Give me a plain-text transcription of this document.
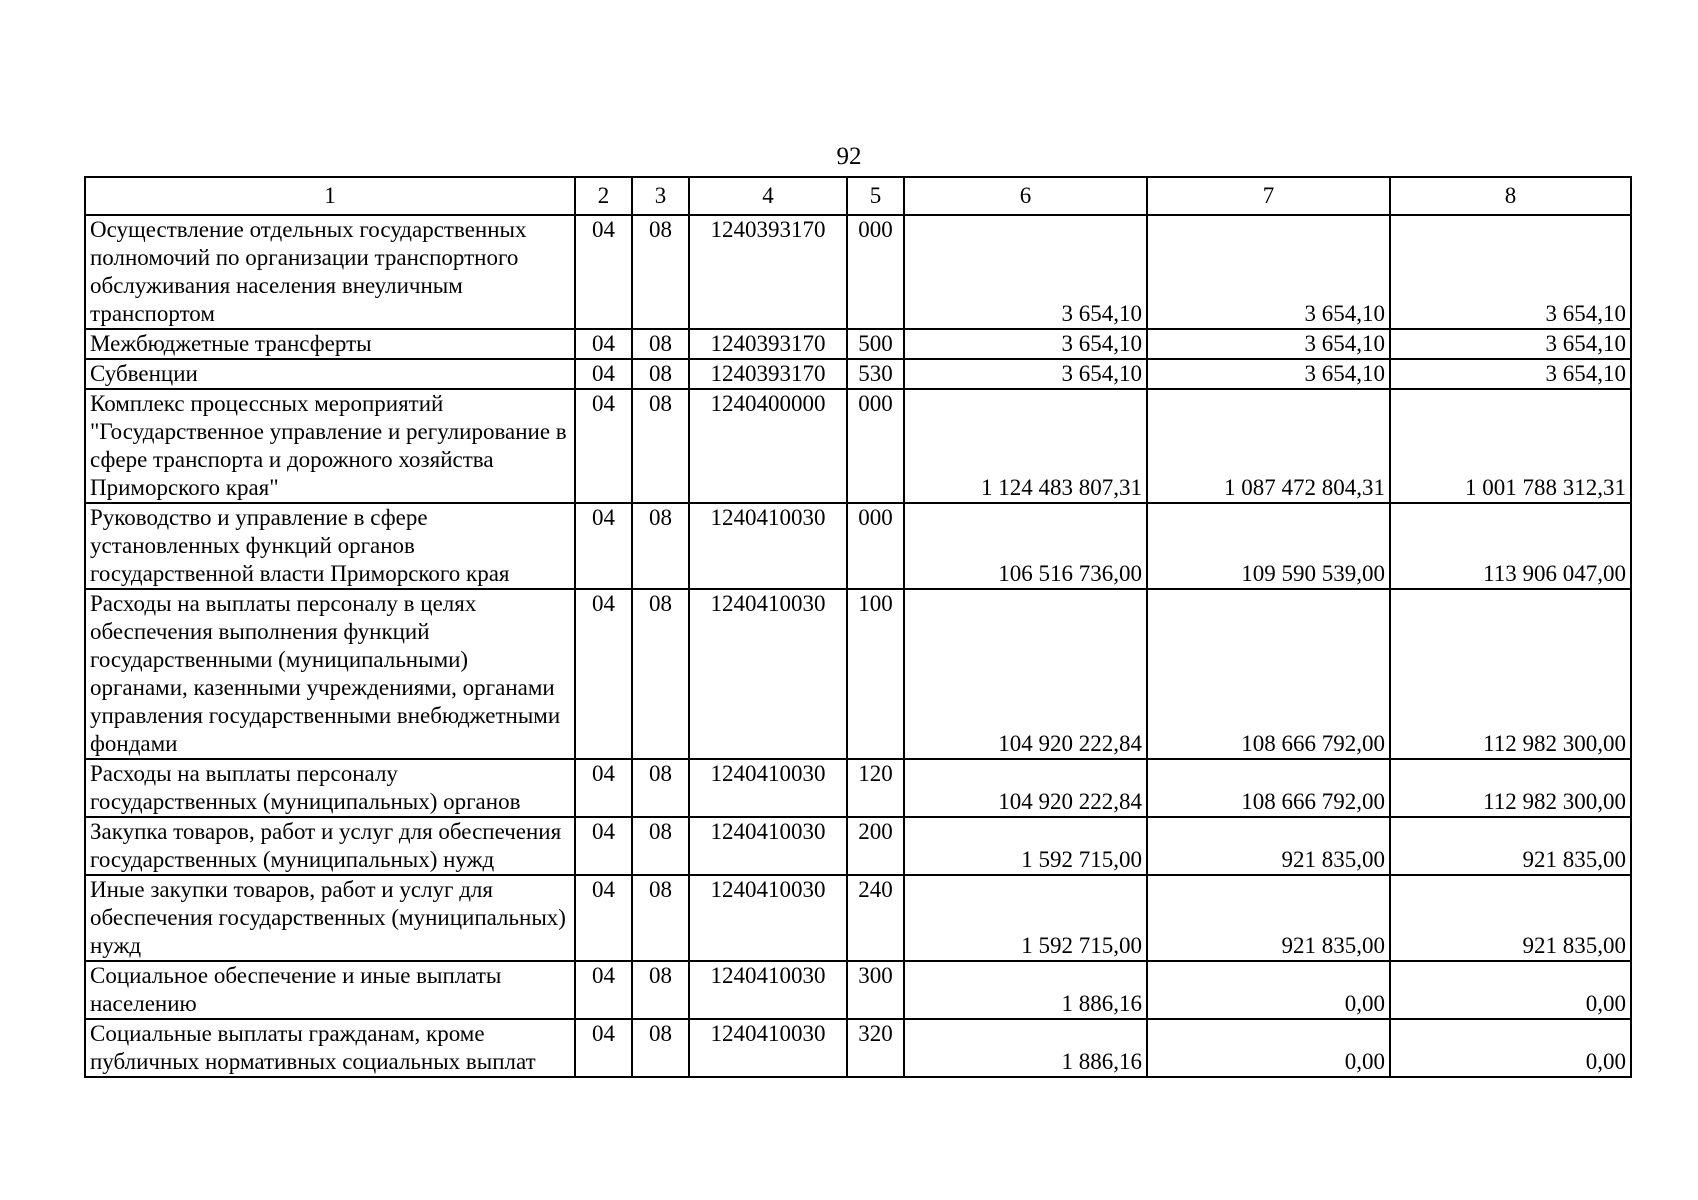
92
1	2	3	4	5	6	7	8
Осуществление отдельных государственных полномочий по организации транспортного обслуживания населения внеуличным транспортом	04	08	1240393170	000	3 654,10	3 654,10	3 654,10
Межбюджетные трансферты	04	08	1240393170	500	3 654,10	3 654,10	3 654,10
Субвенции	04	08	1240393170	530	3 654,10	3 654,10	3 654,10
Комплекс процессных мероприятий "Государственное управление и регулирование в сфере транспорта и дорожного хозяйства Приморского края"	04	08	1240400000	000	1 124 483 807,31	1 087 472 804,31	1 001 788 312,31
Руководство и управление в сфере установленных функций органов государственной власти Приморского края	04	08	1240410030	000	106 516 736,00	109 590 539,00	113 906 047,00
Расходы на выплаты персоналу в целях обеспечения выполнения функций государственными (муниципальными) органами, казенными учреждениями, органами управления государственными внебюджетными фондами	04	08	1240410030	100	104 920 222,84	108 666 792,00	112 982 300,00
Расходы на выплаты персоналу государственных (муниципальных) органов	04	08	1240410030	120	104 920 222,84	108 666 792,00	112 982 300,00
Закупка товаров, работ и услуг для обеспечения государственных (муниципальных) нужд	04	08	1240410030	200	1 592 715,00	921 835,00	921 835,00
Иные закупки товаров, работ и услуг для обеспечения государственных (муниципальных) нужд	04	08	1240410030	240	1 592 715,00	921 835,00	921 835,00
Социальное обеспечение и иные выплаты населению	04	08	1240410030	300	1 886,16	0,00	0,00
Социальные выплаты гражданам, кроме публичных нормативных социальных выплат	04	08	1240410030	320	1 886,16	0,00	0,00
